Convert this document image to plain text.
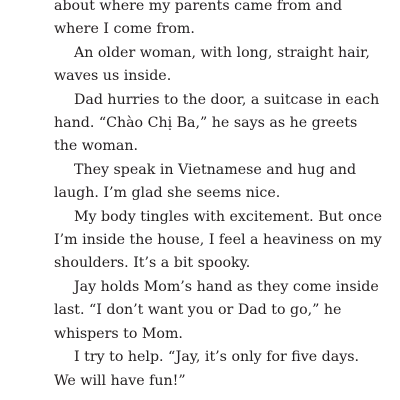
about where my parents came from and where I come from.

An older woman, with long, straight hair, waves us inside.

Dad hurries to the door, a suitcase in each hand. “Chào Chị Ba,” he says as he greets the woman.

They speak in Vietnamese and hug and laugh. I’m glad she seems nice.

My body tingles with excitement. But once I’m inside the house, I feel a heaviness on my shoulders. It’s a bit spooky.

Jay holds Mom’s hand as they come inside last. “I don’t want you or Dad to go,” he whispers to Mom.

I try to help. “Jay, it’s only for five days. We will have fun!”
